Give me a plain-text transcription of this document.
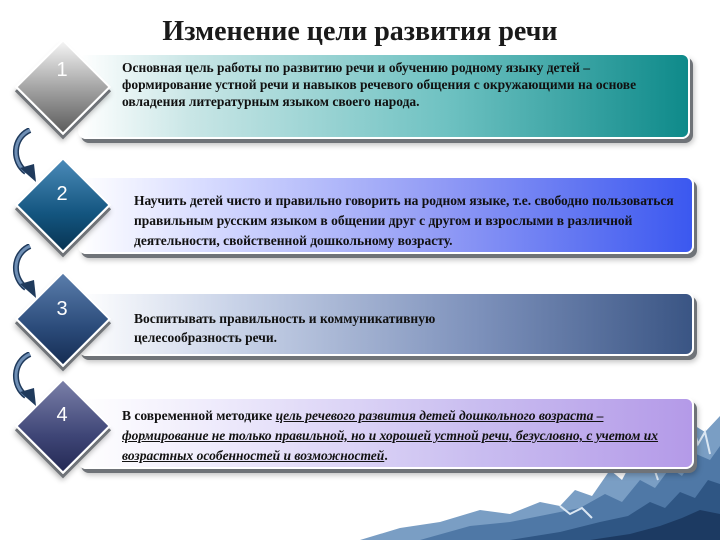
Изменение цели развития речи
Основная цель работы по развитию речи и обучению родному языку детей – формирование устной речи и навыков речевого общения с окружающими на основе овладения литературным языком своего народа.
1
Научить детей чисто и правильно говорить на родном языке, т.е. свободно пользоваться правильным русским языком в общении друг с другом и взрослыми в различной деятельности, свойственной дошкольному возрасту.
2
Воспитывать правильность и коммуникативную целесообразность речи.
3
В современной методике цель речевого развития детей дошкольного возраста – формирование не только правильной, но и хорошей устной речи, безусловно, с учетом их возрастных особенностей и возможностей.
4
